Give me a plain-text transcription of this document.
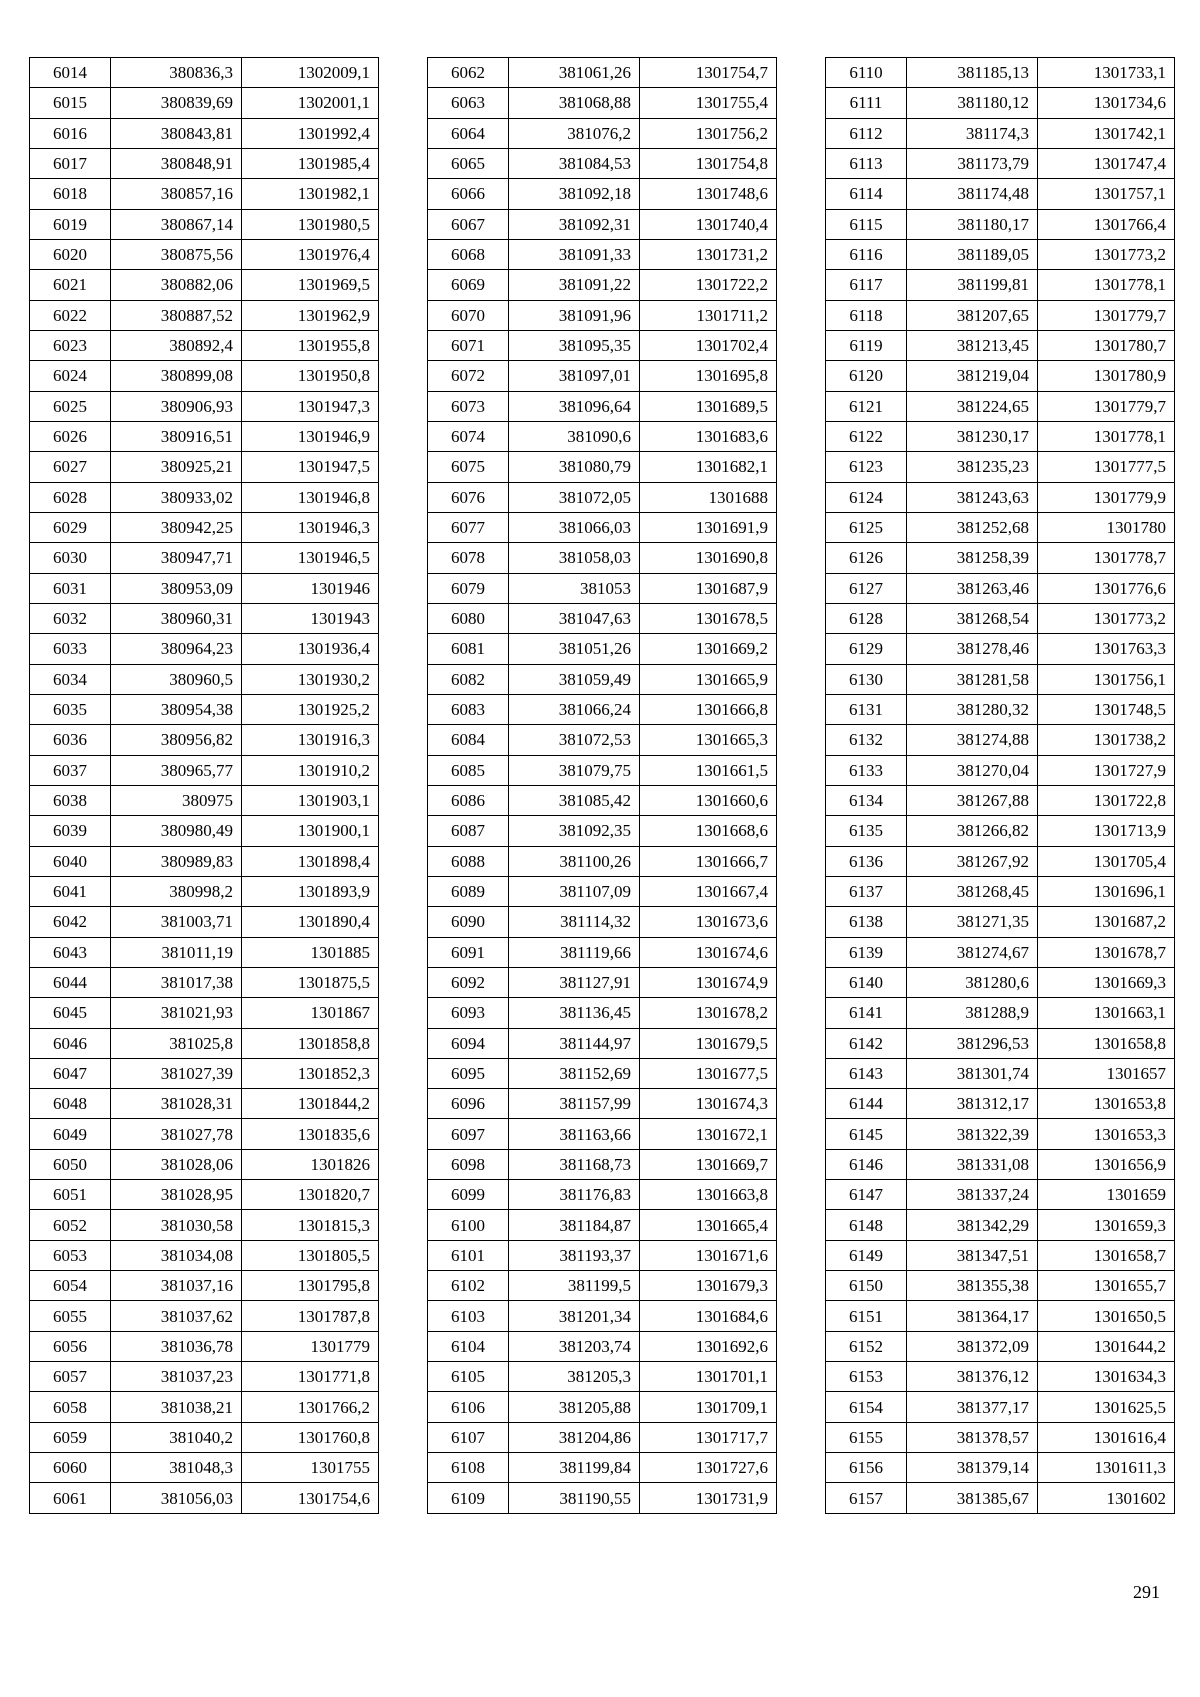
6014	380836,3	1302009,1
6015	380839,69	1302001,1
6016	380843,81	1301992,4
6017	380848,91	1301985,4
6018	380857,16	1301982,1
6019	380867,14	1301980,5
6020	380875,56	1301976,4
6021	380882,06	1301969,5
6022	380887,52	1301962,9
6023	380892,4	1301955,8
6024	380899,08	1301950,8
6025	380906,93	1301947,3
6026	380916,51	1301946,9
6027	380925,21	1301947,5
6028	380933,02	1301946,8
6029	380942,25	1301946,3
6030	380947,71	1301946,5
6031	380953,09	1301946
6032	380960,31	1301943
6033	380964,23	1301936,4
6034	380960,5	1301930,2
6035	380954,38	1301925,2
6036	380956,82	1301916,3
6037	380965,77	1301910,2
6038	380975	1301903,1
6039	380980,49	1301900,1
6040	380989,83	1301898,4
6041	380998,2	1301893,9
6042	381003,71	1301890,4
6043	381011,19	1301885
6044	381017,38	1301875,5
6045	381021,93	1301867
6046	381025,8	1301858,8
6047	381027,39	1301852,3
6048	381028,31	1301844,2
6049	381027,78	1301835,6
6050	381028,06	1301826
6051	381028,95	1301820,7
6052	381030,58	1301815,3
6053	381034,08	1301805,5
6054	381037,16	1301795,8
6055	381037,62	1301787,8
6056	381036,78	1301779
6057	381037,23	1301771,8
6058	381038,21	1301766,2
6059	381040,2	1301760,8
6060	381048,3	1301755
6061	381056,03	1301754,6
6062	381061,26	1301754,7
6063	381068,88	1301755,4
6064	381076,2	1301756,2
6065	381084,53	1301754,8
6066	381092,18	1301748,6
6067	381092,31	1301740,4
6068	381091,33	1301731,2
6069	381091,22	1301722,2
6070	381091,96	1301711,2
6071	381095,35	1301702,4
6072	381097,01	1301695,8
6073	381096,64	1301689,5
6074	381090,6	1301683,6
6075	381080,79	1301682,1
6076	381072,05	1301688
6077	381066,03	1301691,9
6078	381058,03	1301690,8
6079	381053	1301687,9
6080	381047,63	1301678,5
6081	381051,26	1301669,2
6082	381059,49	1301665,9
6083	381066,24	1301666,8
6084	381072,53	1301665,3
6085	381079,75	1301661,5
6086	381085,42	1301660,6
6087	381092,35	1301668,6
6088	381100,26	1301666,7
6089	381107,09	1301667,4
6090	381114,32	1301673,6
6091	381119,66	1301674,6
6092	381127,91	1301674,9
6093	381136,45	1301678,2
6094	381144,97	1301679,5
6095	381152,69	1301677,5
6096	381157,99	1301674,3
6097	381163,66	1301672,1
6098	381168,73	1301669,7
6099	381176,83	1301663,8
6100	381184,87	1301665,4
6101	381193,37	1301671,6
6102	381199,5	1301679,3
6103	381201,34	1301684,6
6104	381203,74	1301692,6
6105	381205,3	1301701,1
6106	381205,88	1301709,1
6107	381204,86	1301717,7
6108	381199,84	1301727,6
6109	381190,55	1301731,9
6110	381185,13	1301733,1
6111	381180,12	1301734,6
6112	381174,3	1301742,1
6113	381173,79	1301747,4
6114	381174,48	1301757,1
6115	381180,17	1301766,4
6116	381189,05	1301773,2
6117	381199,81	1301778,1
6118	381207,65	1301779,7
6119	381213,45	1301780,7
6120	381219,04	1301780,9
6121	381224,65	1301779,7
6122	381230,17	1301778,1
6123	381235,23	1301777,5
6124	381243,63	1301779,9
6125	381252,68	1301780
6126	381258,39	1301778,7
6127	381263,46	1301776,6
6128	381268,54	1301773,2
6129	381278,46	1301763,3
6130	381281,58	1301756,1
6131	381280,32	1301748,5
6132	381274,88	1301738,2
6133	381270,04	1301727,9
6134	381267,88	1301722,8
6135	381266,82	1301713,9
6136	381267,92	1301705,4
6137	381268,45	1301696,1
6138	381271,35	1301687,2
6139	381274,67	1301678,7
6140	381280,6	1301669,3
6141	381288,9	1301663,1
6142	381296,53	1301658,8
6143	381301,74	1301657
6144	381312,17	1301653,8
6145	381322,39	1301653,3
6146	381331,08	1301656,9
6147	381337,24	1301659
6148	381342,29	1301659,3
6149	381347,51	1301658,7
6150	381355,38	1301655,7
6151	381364,17	1301650,5
6152	381372,09	1301644,2
6153	381376,12	1301634,3
6154	381377,17	1301625,5
6155	381378,57	1301616,4
6156	381379,14	1301611,3
6157	381385,67	1301602
291
